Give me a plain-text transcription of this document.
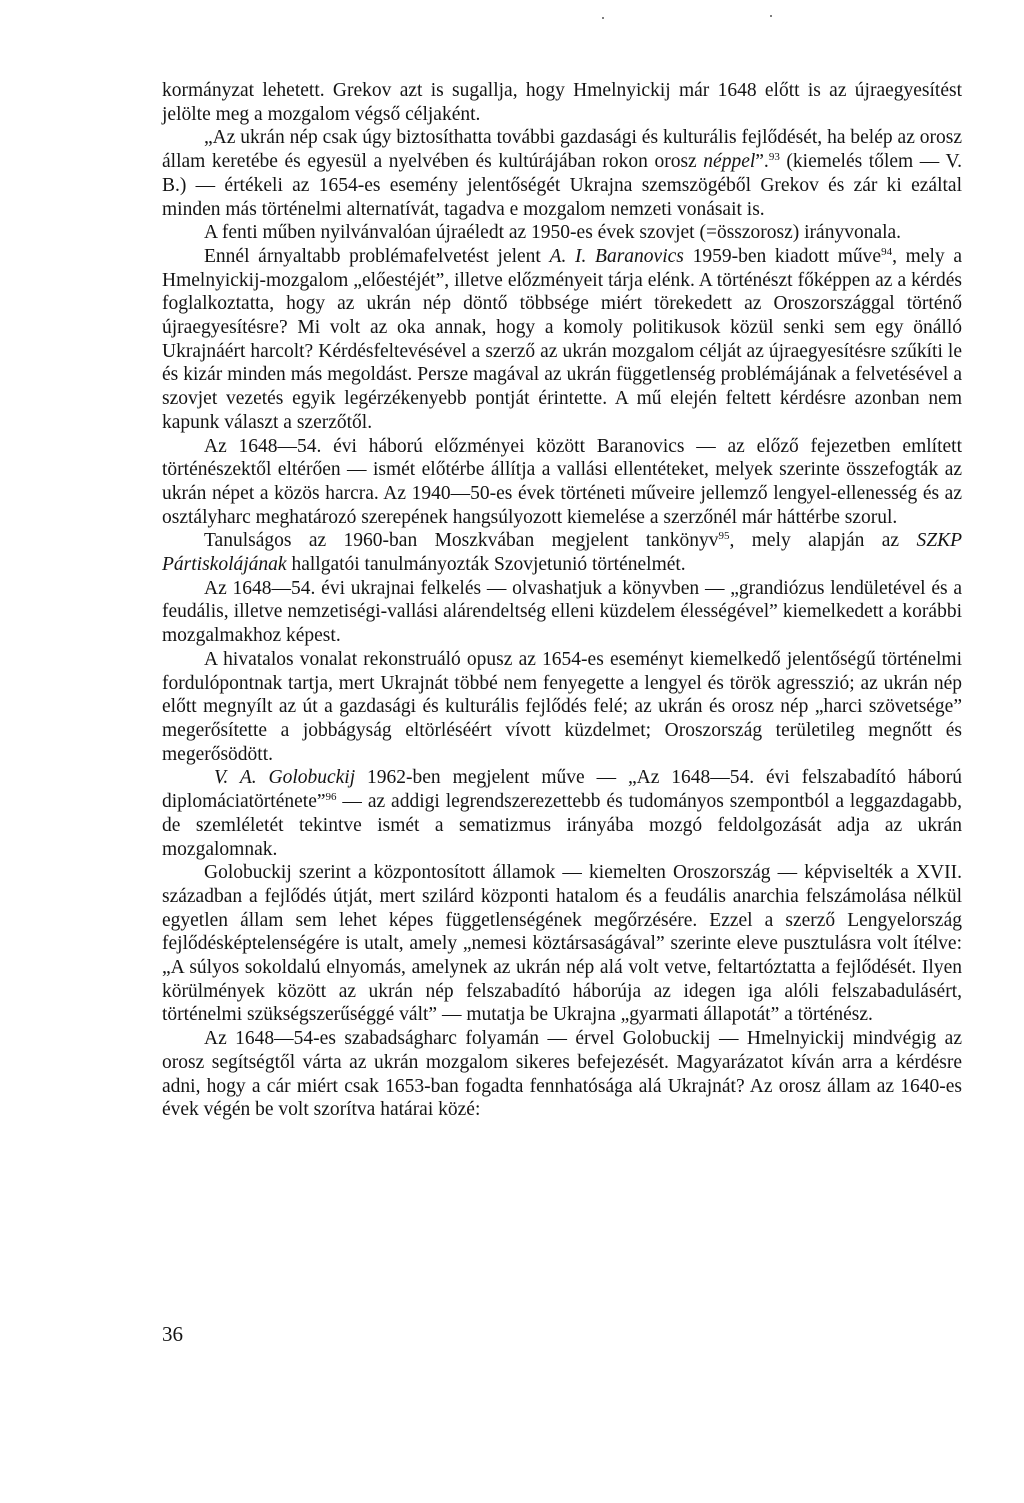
kormányzat lehetett. Grekov azt is sugallja, hogy Hmelnyickij már 1648 előtt is az újraegyesítést jelölte meg a mozgalom végső céljaként.

„Az ukrán nép csak úgy biztosíthatta további gazdasági és kulturális fejlődését, ha belép az orosz állam keretébe és egyesül a nyelvében és kultúrájában rokon orosz néppel”.$^{93}$ (kiemelés tőlem — V. B.) — értékeli az 1654-es esemény jelentőségét Ukrajna szemszögéből Grekov és zár ki ezáltal minden más történelmi alternatívát, tagadva e mozgalom nemzeti vonásait is.

A fenti műben nyilvánvalóan újraéledt az 1950-es évek szovjet (=összorosz) irányvonala.

Ennél árnyaltabb problémafelvetést jelent A. I. Baranovics 1959-ben kiadott műve$^{94}$, mely a Hmelnyickij-mozgalom „előestéjét”, illetve előzményeit tárja elénk. A történészt főképpen az a kérdés foglalkoztatta, hogy az ukrán nép döntő többsége miért törekedett az Oroszországgal történő újraegyesítésre? Mi volt az oka annak, hogy a komoly politikusok közül senki sem egy önálló Ukrajnáért harcolt? Kérdésfeltevésével a szerző az ukrán mozgalom célját az újraegyesítésre szűkíti le és kizár minden más megoldást. Persze magával az ukrán függetlenség problémájának a felvetésével a szovjet vezetés egyik legérzékenyebb pontját érintette. A mű elején feltett kérdésre azonban nem kapunk választ a szerzőtől.

Az 1648—54. évi háború előzményei között Baranovics — az előző fejezetben említett történészektől eltérően — ismét előtérbe állítja a vallási ellentéteket, melyek szerinte összefogták az ukrán népet a közös harcra. Az 1940—50-es évek történeti műveire jellemző lengyel-ellenesség és az osztályharc meghatározó szerepének hangsúlyozott kiemelése a szerzőnél már háttérbe szorul.

Tanulságos az 1960-ban Moszkvában megjelent tankönyv$^{95}$, mely alapján az SZKP Pártiskolájának hallgatói tanulmányozták Szovjetunió történelmét.

Az 1648—54. évi ukrajnai felkelés — olvashatjuk a könyvben — „grandiózus lendületével és a feudális, illetve nemzetiségi-vallási alárendeltség elleni küzdelem élességével” kiemelkedett a korábbi mozgalmakhoz képest.

A hivatalos vonalat rekonstruáló opusz az 1654-es eseményt kiemelkedő jelentőségű történelmi fordulópontnak tartja, mert Ukrajnát többé nem fenyegette a lengyel és török agresszió; az ukrán nép előtt megnyílt az út a gazdasági és kulturális fejlődés felé; az ukrán és orosz nép „harci szövetsége” megerősítette a jobbágyság eltörléséért vívott küzdelmet; Oroszország területileg megnőtt és megerősödött.

V. A. Golobuckij 1962-ben megjelent műve — „Az 1648—54. évi felszabadító háború diplomáciatörténete”$^{96}$ — az addigi legrendszerezettebb és tudományos szempontból a leggazdagabb, de szemléletét tekintve ismét a sematizmus irányába mozgó feldolgozását adja az ukrán mozgalomnak.

Golobuckij szerint a központosított államok — kiemelten Oroszország — képviselték a XVII. században a fejlődés útját, mert szilárd központi hatalom és a feudális anarchia felszámolása nélkül egyetlen állam sem lehet képes függetlenségének megőrzésére. Ezzel a szerző Lengyelország fejlődésképtelenségére is utalt, amely „nemesi köztársaságával” szerinte eleve pusztulásra volt ítélve: „A súlyos sokoldalú elnyomás, amelynek az ukrán nép alá volt vetve, feltartóztatta a fejlődését. Ilyen körülmények között az ukrán nép felszabadító háborúja az idegen iga alóli felszabadulásért, történelmi szükségszerűséggé vált” — mutatja be Ukrajna „gyarmati állapotát” a történész.

Az 1648—54-es szabadságharc folyamán — érvel Golobuckij — Hmelnyickij mindvégig az orosz segítségtől várta az ukrán mozgalom sikeres befejezését. Magyarázatot kíván arra a kérdésre adni, hogy a cár miért csak 1653-ban fogadta fennhatósága alá Ukrajnát? Az orosz állam az 1640-es évek végén be volt szorítva határai közé:

36
